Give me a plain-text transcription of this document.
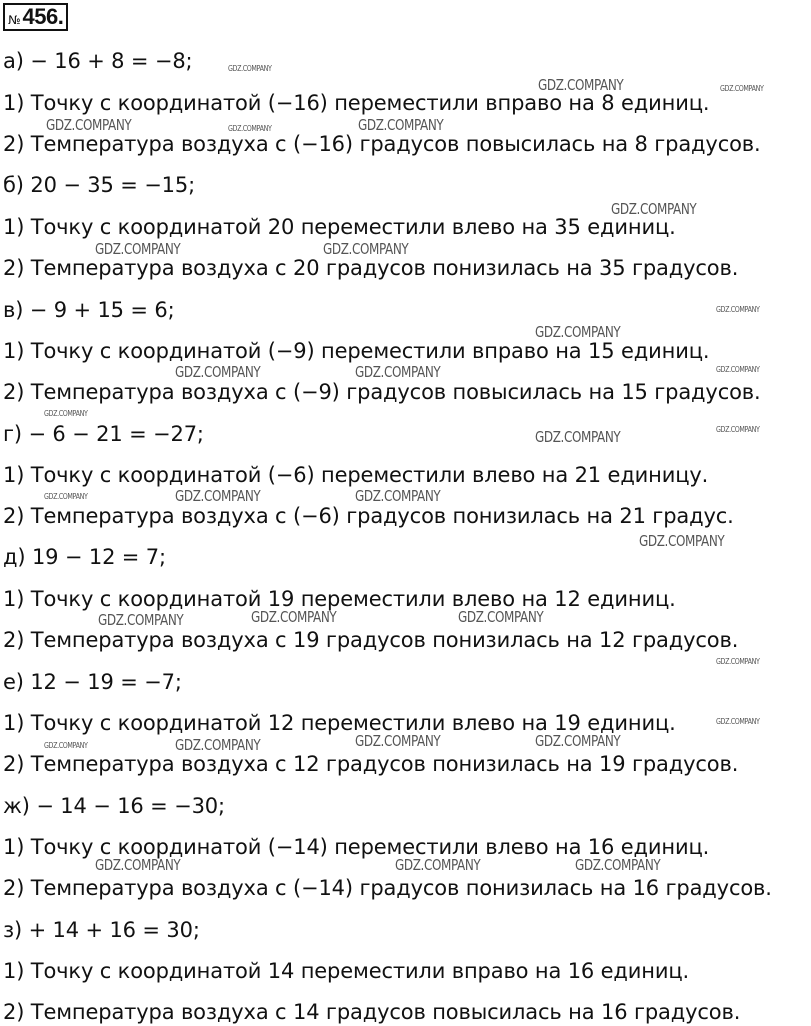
№ 456.
а) − 16 + 8 = −8;
1) Точку с координатой (−16) переместили вправо на 8 единиц.
2) Температура воздуха с (−16) градусов повысилась на 8 градусов.
б) 20 − 35 = −15;
1) Точку с координатой 20 переместили влево на 35 единиц.
2) Температура воздуха с 20 градусов понизилась на 35 градусов.
в) − 9 + 15 = 6;
1) Точку с координатой (−9) переместили вправо на 15 единиц.
2) Температура воздуха с (−9) градусов повысилась на 15 градусов.
г) − 6 − 21 = −27;
1) Точку с координатой (−6) переместили влево на 21 единицу.
2) Температура воздуха с (−6) градусов понизилась на 21 градус.
д) 19 − 12 = 7;
1) Точку с координатой 19 переместили влево на 12 единиц.
2) Температура воздуха с 19 градусов понизилась на 12 градусов.
е) 12 − 19 = −7;
1) Точку с координатой 12 переместили влево на 19 единиц.
2) Температура воздуха с 12 градусов понизилась на 19 градусов.
ж) − 14 − 16 = −30;
1) Точку с координатой (−14) переместили влево на 16 единиц.
2) Температура воздуха с (−14) градусов понизилась на 16 градусов.
з) + 14 + 16 = 30;
1) Точку с координатой 14 переместили вправо на 16 единиц.
2) Температура воздуха с 14 градусов повысилась на 16 градусов.
GDZ.COMPANY
GDZ.COMPANY	GDZ.COMPANY
GDZ.COMPANY	GDZ.COMPANY	GDZ.COMPANY
GDZ.COMPANY
GDZ.COMPANY	GDZ.COMPANY
GDZ.COMPANY
GDZ.COMPANY
GDZ.COMPANY	GDZ.COMPANY	GDZ.COMPANY
GDZ.COMPANY
GDZ.COMPANY	GDZ.COMPANY
GDZ.COMPANY	GDZ.COMPANY	GDZ.COMPANY
GDZ.COMPANY
GDZ.COMPANY	GDZ.COMPANY	GDZ.COMPANY
GDZ.COMPANY
GDZ.COMPANY
GDZ.COMPANY	GDZ.COMPANY	GDZ.COMPANY	GDZ.COMPANY
GDZ.COMPANY	GDZ.COMPANY	GDZ.COMPANY
